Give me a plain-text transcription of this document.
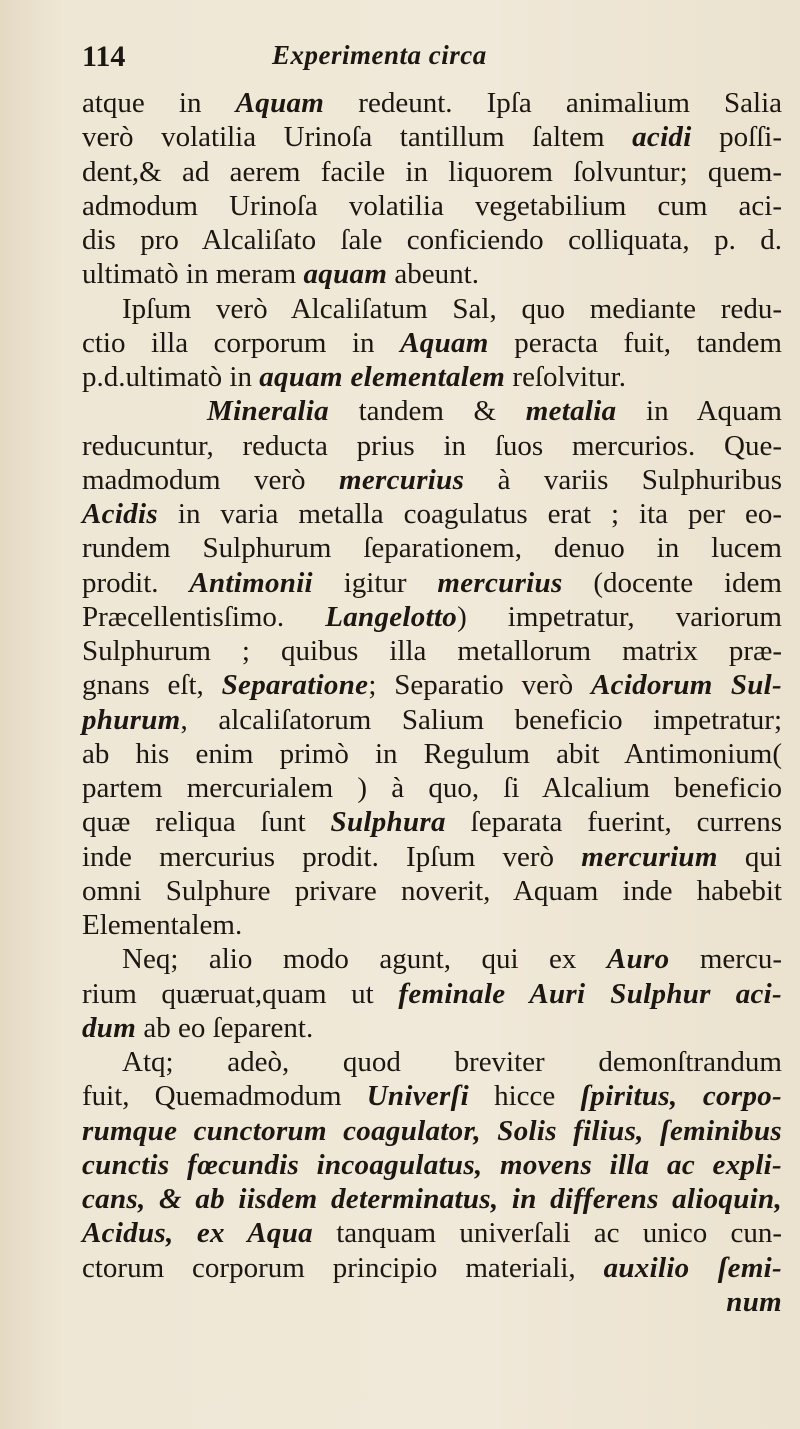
114	Experimenta circa
atque in Aquam redeunt. Ipſa animalium Salia
verò volatilia Urinoſa tantillum ſaltem acidi poſſi-
dent,& ad aerem facile in liquorem ſolvuntur; quem-
admodum Urinoſa volatilia vegetabilium cum aci-
dis pro Alcaliſato ſale conficiendo colliquata, p. d.
ultimatò in meram aquam abeunt.
Ipſum verò Alcaliſatum Sal, quo mediante redu-
ctio illa corporum in Aquam peracta fuit, tandem
p.d.ultimatò in aquam elementalem reſolvitur.
Mineralia tandem & metalia in Aquam
reducuntur, reducta prius in ſuos mercurios. Que-
madmodum verò mercurius à variis Sulphuribus
Acidis in varia metalla coagulatus erat ; ita per eo-
rundem Sulphurum ſeparationem, denuo in lucem
prodit. Antimonii igitur mercurius (docente idem
Præcellentisſimo. Langelotto) impetratur, variorum
Sulphurum ; quibus illa metallorum matrix præ-
gnans eſt, Separatione; Separatio verò Acidorum Sul-
phurum, alcaliſatorum Salium beneficio impetratur;
ab his enim primò in Regulum abit Antimonium(
partem mercurialem ) à quo, ſi Alcalium beneficio
quæ reliqua ſunt Sulphura ſeparata fuerint, currens
inde mercurius prodit. Ipſum verò mercurium qui
omni Sulphure privare noverit, Aquam inde habebit
Elementalem.
Neq; alio modo agunt, qui ex Auro mercu-
rium quæruat,quam ut feminale Auri Sulphur aci-
dum ab eo ſeparent.
Atq; adeò, quod breviter demonſtrandum
fuit, Quemadmodum Univerſi hicce ſpiritus, corpo-
rumque cunctorum coagulator, Solis filius, ſeminibus
cunctis fœcundis incoagulatus, movens illa ac expli-
cans, & ab iisdem determinatus, in differens alioquin,
Acidus, ex Aqua tanquam univerſali ac unico cun-
ctorum corporum principio materiali, auxilio ſemi-
num
